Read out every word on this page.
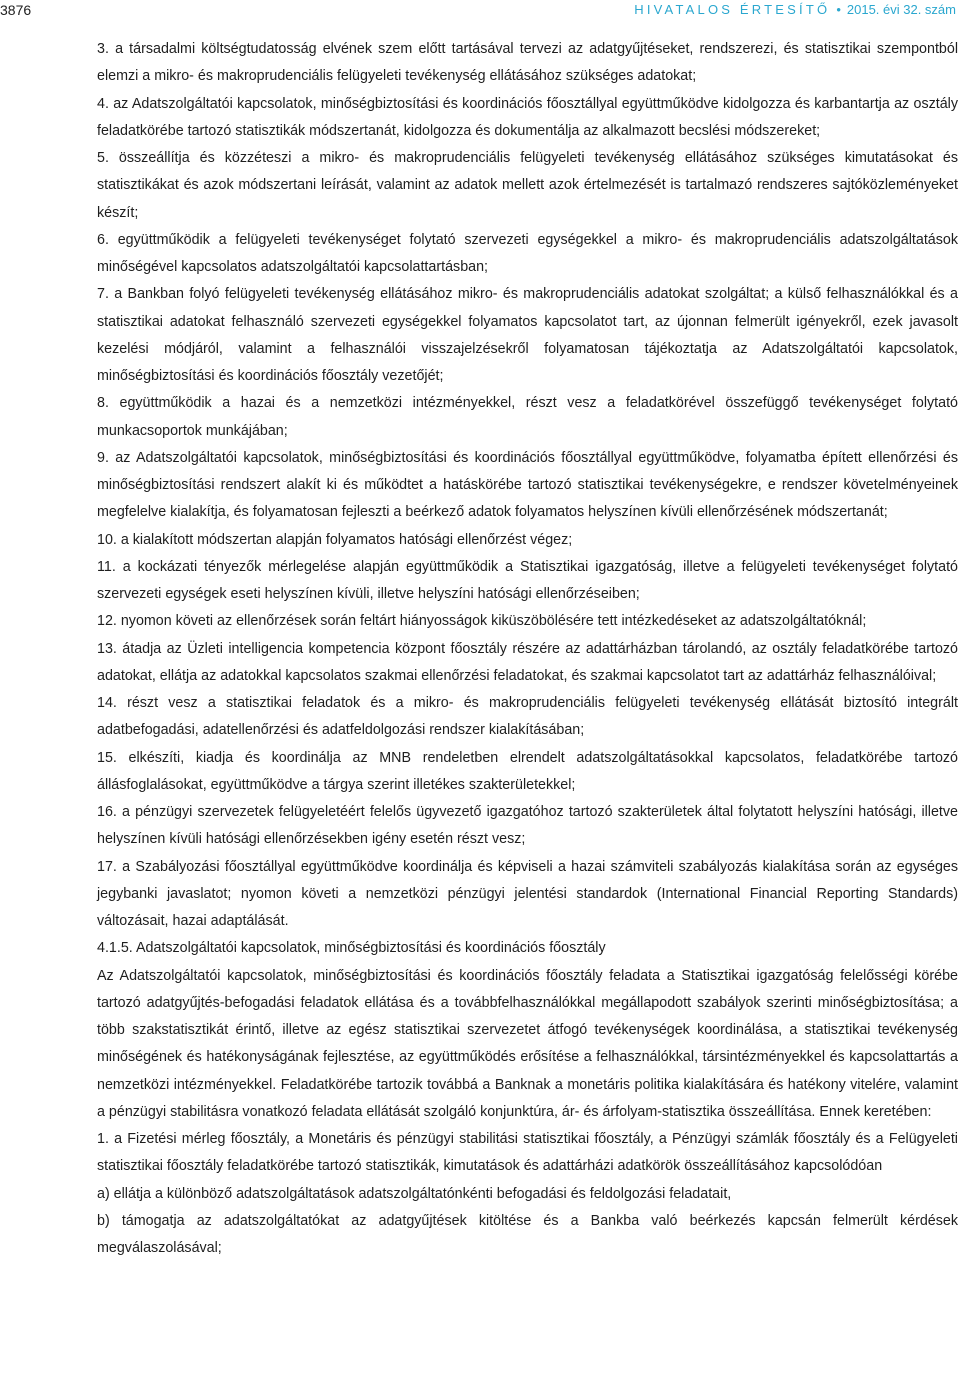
3876	HIVATALOS ÉRTESÍTŐ • 2015. évi 32. szám

3. a társadalmi költségtudatosság elvének szem előtt tartásával tervezi az adatgyűjtéseket, rendszerezi, és statisztikai szempontból elemzi a mikro- és makroprudenciális felügyeleti tevékenység ellátásához szükséges adatokat;

4. az Adatszolgáltatói kapcsolatok, minőségbiztosítási és koordinációs főosztállyal együttműködve kidolgozza és karbantartja az osztály feladatkörébe tartozó statisztikák módszertanát, kidolgozza és dokumentálja az alkalmazott becslési módszereket;

5. összeállítja és közzéteszi a mikro- és makroprudenciális felügyeleti tevékenység ellátásához szükséges kimutatásokat és statisztikákat és azok módszertani leírását, valamint az adatok mellett azok értelmezését is tartalmazó rendszeres sajtóközleményeket készít;

6. együttműködik a felügyeleti tevékenységet folytató szervezeti egységekkel a mikro- és makroprudenciális adatszolgáltatások minőségével kapcsolatos adatszolgáltatói kapcsolattartásban;

7. a Bankban folyó felügyeleti tevékenység ellátásához mikro- és makroprudenciális adatokat szolgáltat; a külső felhasználókkal és a statisztikai adatokat felhasználó szervezeti egységekkel folyamatos kapcsolatot tart, az újonnan felmerült igényekről, ezek javasolt kezelési módjáról, valamint a felhasználói visszajelzésekről folyamatosan tájékoztatja az Adatszolgáltatói kapcsolatok, minőségbiztosítási és koordinációs főosztály vezetőjét;

8. együttműködik a hazai és a nemzetközi intézményekkel, részt vesz a feladatkörével összefüggő tevékenységet folytató munkacsoportok munkájában;

9. az Adatszolgáltatói kapcsolatok, minőségbiztosítási és koordinációs főosztállyal együttműködve, folyamatba épített ellenőrzési és minőségbiztosítási rendszert alakít ki és működtet a hatáskörébe tartozó statisztikai tevékenységekre, e rendszer követelményeinek megfelelve kialakítja, és folyamatosan fejleszti a beérkező adatok folyamatos helyszínen kívüli ellenőrzésének módszertanát;

10. a kialakított módszertan alapján folyamatos hatósági ellenőrzést végez;

11. a kockázati tényezők mérlegelése alapján együttműködik a Statisztikai igazgatóság, illetve a felügyeleti tevékenységet folytató szervezeti egységek eseti helyszínen kívüli, illetve helyszíni hatósági ellenőrzéseiben;

12. nyomon követi az ellenőrzések során feltárt hiányosságok kiküszöbölésére tett intézkedéseket az adatszolgáltatóknál;

13. átadja az Üzleti intelligencia kompetencia központ főosztály részére az adattárházban tárolandó, az osztály feladatkörébe tartozó adatokat, ellátja az adatokkal kapcsolatos szakmai ellenőrzési feladatokat, és szakmai kapcsolatot tart az adattárház felhasználóival;

14. részt vesz a statisztikai feladatok és a mikro- és makroprudenciális felügyeleti tevékenység ellátását biztosító integrált adatbefogadási, adatellenőrzési és adatfeldolgozási rendszer kialakításában;

15. elkészíti, kiadja és koordinálja az MNB rendeletben elrendelt adatszolgáltatásokkal kapcsolatos, feladatkörébe tartozó állásfoglalásokat, együttműködve a tárgya szerint illetékes szakterületekkel;

16. a pénzügyi szervezetek felügyeletéért felelős ügyvezető igazgatóhoz tartozó szakterületek által folytatott helyszíni hatósági, illetve helyszínen kívüli hatósági ellenőrzésekben igény esetén részt vesz;

17. a Szabályozási főosztállyal együttműködve koordinálja és képviseli a hazai számviteli szabályozás kialakítása során az egységes jegybanki javaslatot; nyomon követi a nemzetközi pénzügyi jelentési standardok (International Financial Reporting Standards) változásait, hazai adaptálását.

4.1.5. Adatszolgáltatói kapcsolatok, minőségbiztosítási és koordinációs főosztály

Az Adatszolgáltatói kapcsolatok, minőségbiztosítási és koordinációs főosztály feladata a Statisztikai igazgatóság felelősségi körébe tartozó adatgyűjtés-befogadási feladatok ellátása és a továbbfelhasználókkal megállapodott szabályok szerinti minőségbiztosítása; a több szakstatisztikát érintő, illetve az egész statisztikai szervezetet átfogó tevékenységek koordinálása, a statisztikai tevékenység minőségének és hatékonyságának fejlesztése, az együttműködés erősítése a felhasználókkal, társintézményekkel és kapcsolattartás a nemzetközi intézményekkel. Feladatkörébe tartozik továbbá a Banknak a monetáris politika kialakítására és hatékony vitelére, valamint a pénzügyi stabilitásra vonatkozó feladata ellátását szolgáló konjunktúra, ár- és árfolyam-statisztika összeállítása. Ennek keretében:

1. a Fizetési mérleg főosztály, a Monetáris és pénzügyi stabilitási statisztikai főosztály, a Pénzügyi számlák főosztály és a Felügyeleti statisztikai főosztály feladatkörébe tartozó statisztikák, kimutatások és adattárházi adatkörök összeállításához kapcsolódóan

a) ellátja a különböző adatszolgáltatások adatszolgáltatónkénti befogadási és feldolgozási feladatait,

b) támogatja az adatszolgáltatókat az adatgyűjtések kitöltése és a Bankba való beérkezés kapcsán felmerült kérdések megválaszolásával;
